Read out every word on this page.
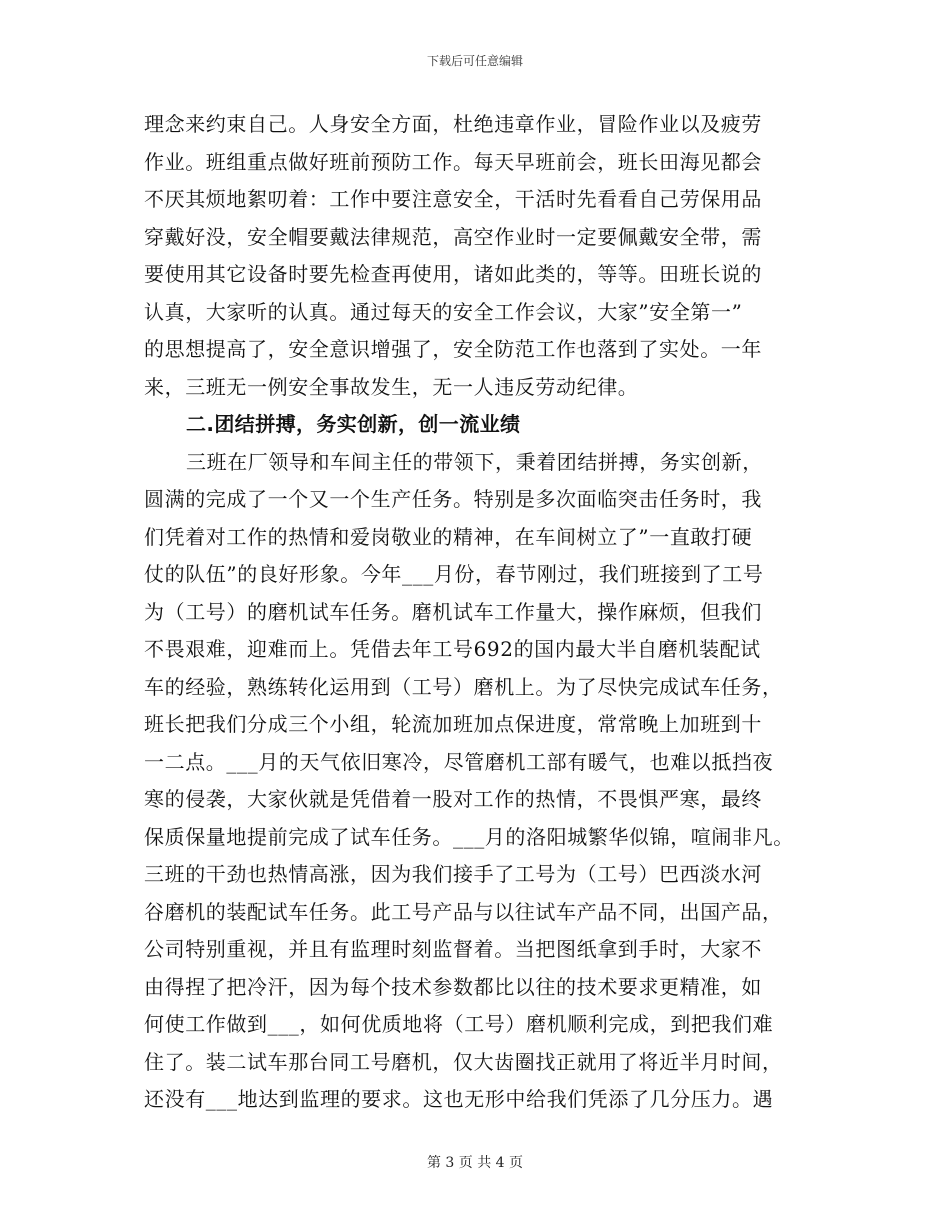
下载后可任意编辑
理念来约束自己。人身安全方面，杜绝违章作业，冒险作业以及疲劳
作业。班组重点做好班前预防工作。每天早班前会，班长田海见都会
不厌其烦地絮叨着：工作中要注意安全，干活时先看看自己劳保用品
穿戴好没，安全帽要戴法律规范，高空作业时一定要佩戴安全带，需
要使用其它设备时要先检查再使用，诸如此类的，等等。田班长说的
认真，大家听的认真。通过每天的安全工作会议，大家”安全第一”
的思想提高了，安全意识增强了，安全防范工作也落到了实处。一年
来，三班无一例安全事故发生，无一人违反劳动纪律。
二.团结拼搏，务实创新，创一流业绩
三班在厂领导和车间主任的带领下，秉着团结拼搏，务实创新，
圆满的完成了一个又一个生产任务。特别是多次面临突击任务时，我
们凭着对工作的热情和爱岗敬业的精神，在车间树立了”一直敢打硬
仗的队伍”的良好形象。今年___月份，春节刚过，我们班接到了工号
为（工号）的磨机试车任务。磨机试车工作量大，操作麻烦，但我们
不畏艰难，迎难而上。凭借去年工号692的国内最大半自磨机装配试
车的经验，熟练转化运用到（工号）磨机上。为了尽快完成试车任务，
班长把我们分成三个小组，轮流加班加点保进度，常常晚上加班到十
一二点。___月的天气依旧寒冷，尽管磨机工部有暖气，也难以抵挡夜
寒的侵袭，大家伙就是凭借着一股对工作的热情，不畏惧严寒，最终
保质保量地提前完成了试车任务。___月的洛阳城繁华似锦，喧闹非凡。
三班的干劲也热情高涨，因为我们接手了工号为（工号）巴西淡水河
谷磨机的装配试车任务。此工号产品与以往试车产品不同，出国产品，
公司特别重视，并且有监理时刻监督着。当把图纸拿到手时，大家不
由得捏了把冷汗，因为每个技术参数都比以往的技术要求更精准，如
何使工作做到___，如何优质地将（工号）磨机顺利完成，到把我们难
住了。装二试车那台同工号磨机，仅大齿圈找正就用了将近半月时间，
还没有___地达到监理的要求。这也无形中给我们凭添了几分压力。遇
第 3 页 共 4 页
